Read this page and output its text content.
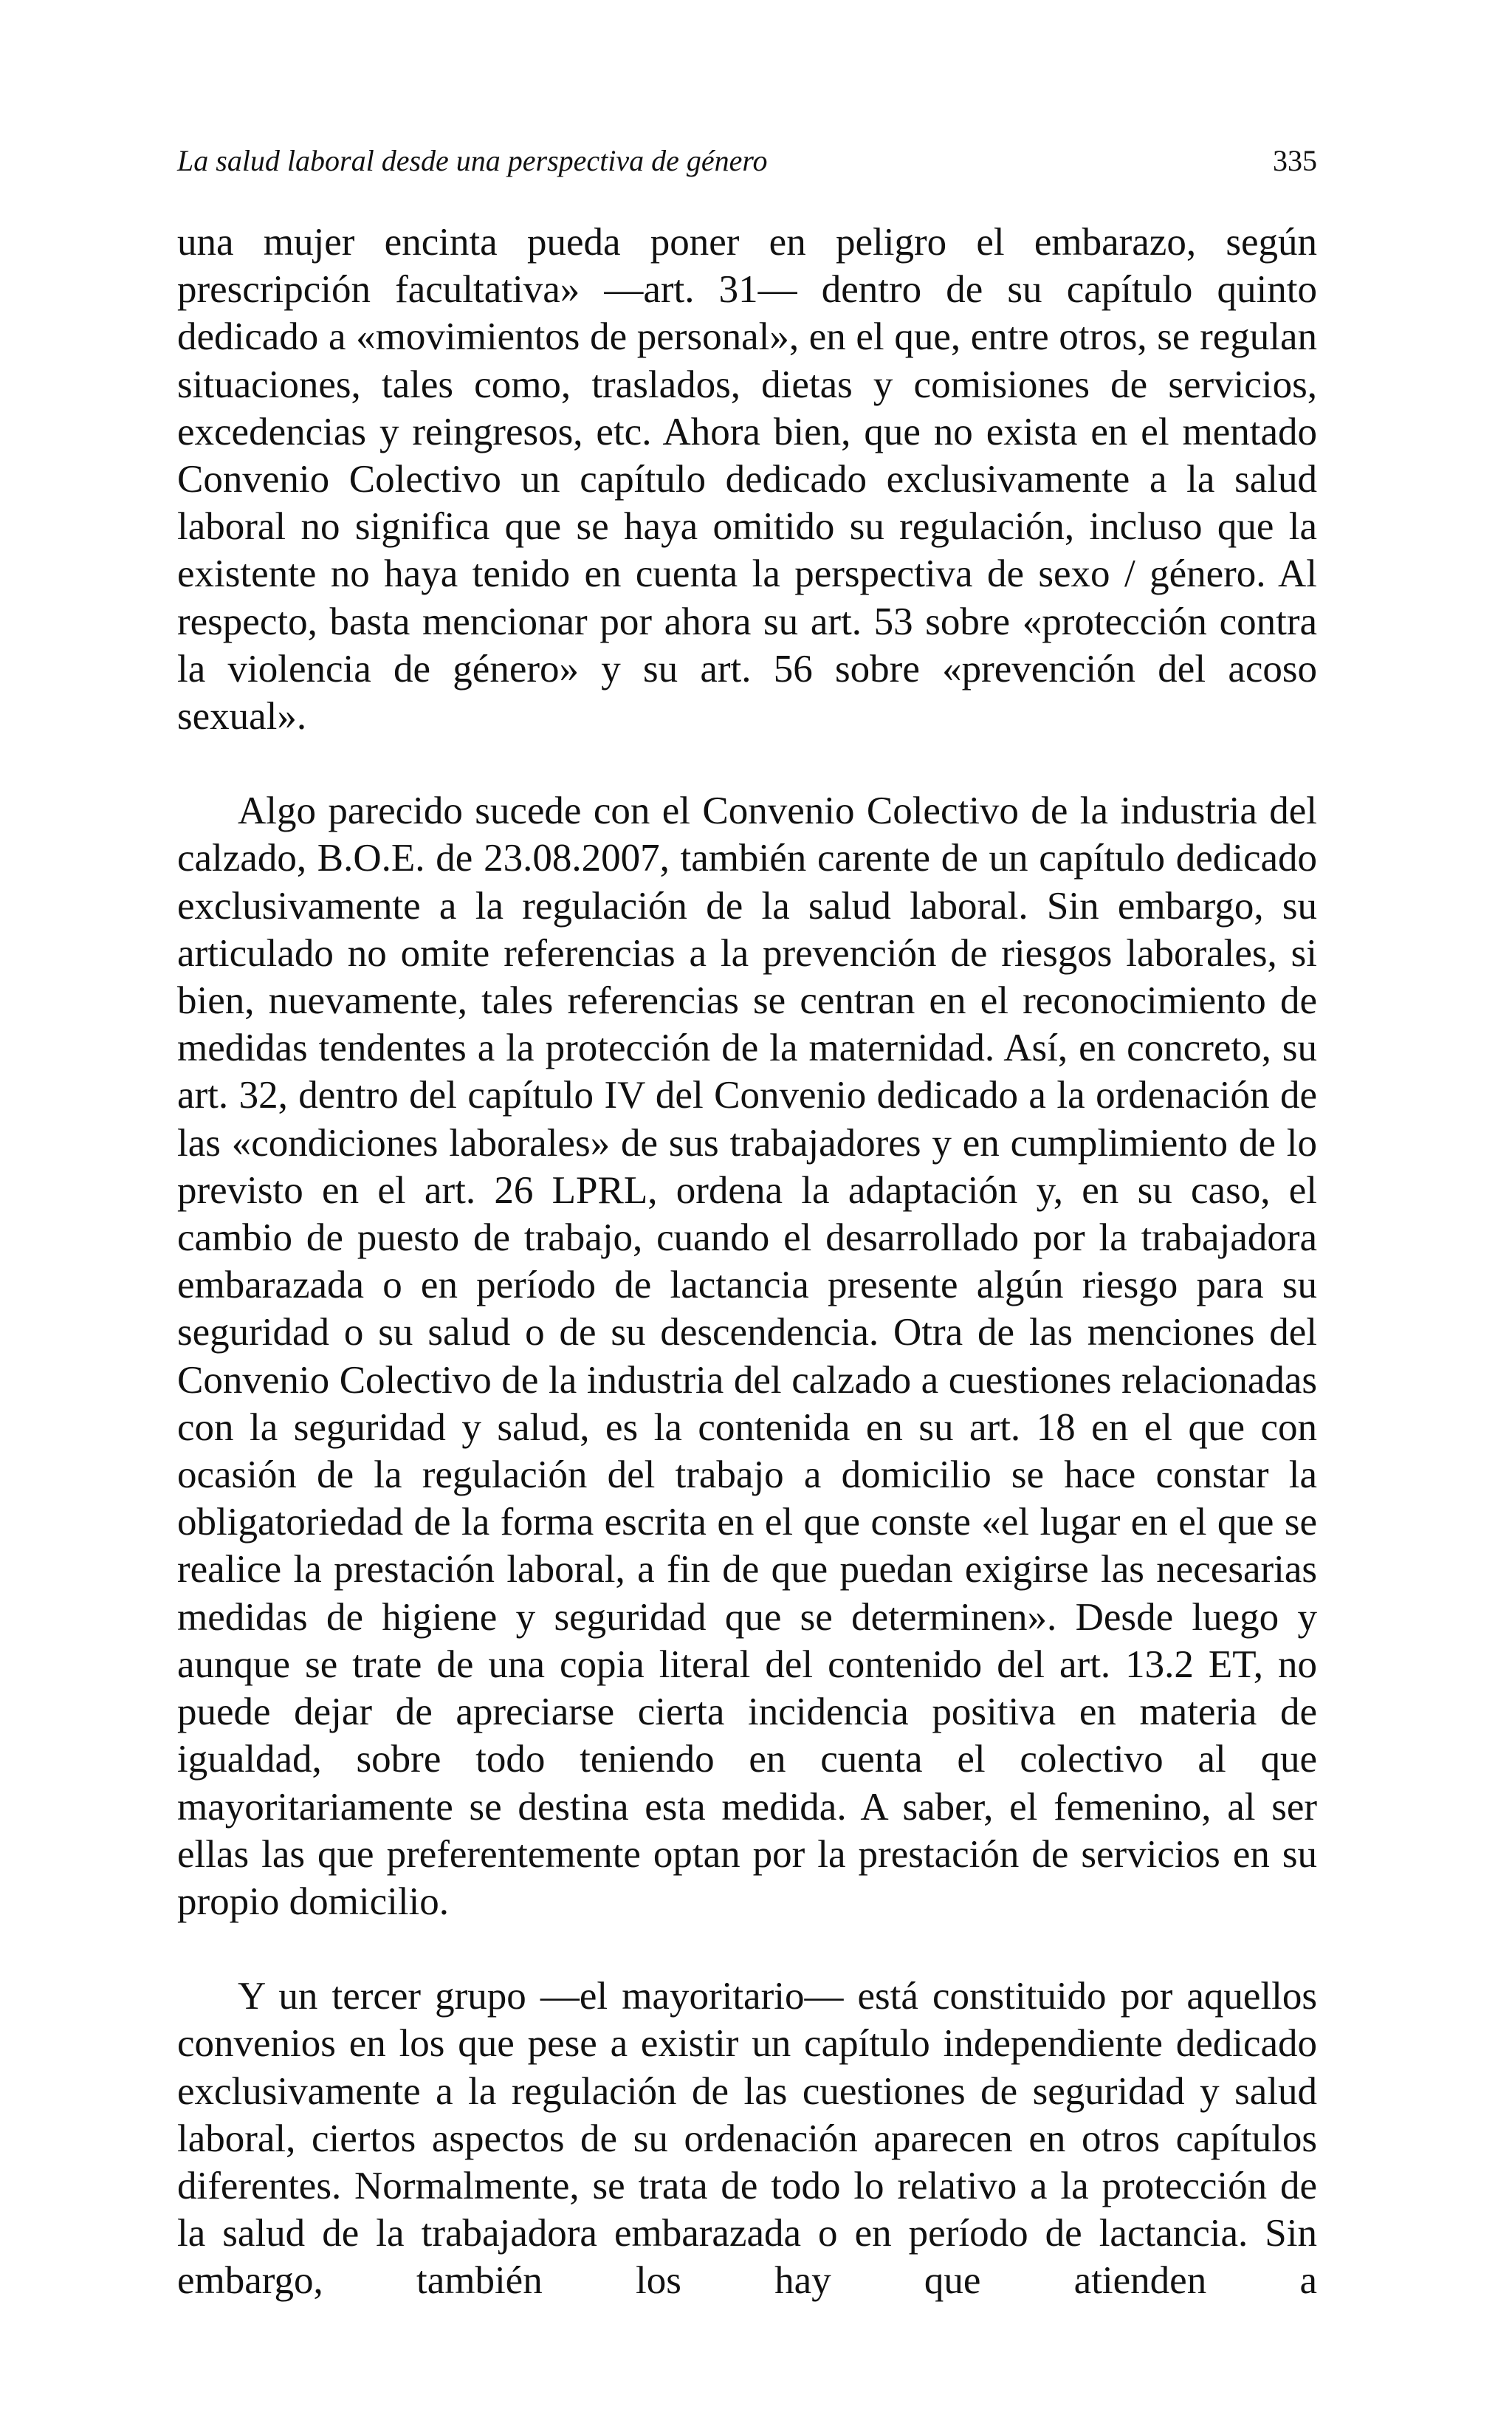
La salud laboral desde una perspectiva de género	335

una mujer encinta pueda poner en peligro el embarazo, según prescripción facultativa» —art. 31— dentro de su capítulo quinto dedicado a «movimientos de personal», en el que, entre otros, se regulan situaciones, tales como, traslados, dietas y comisiones de servicios, excedencias y reingresos, etc. Ahora bien, que no exista en el mentado Convenio Colectivo un capítulo dedicado exclusivamente a la salud laboral no significa que se haya omitido su regulación, incluso que la existente no haya tenido en cuenta la perspectiva de sexo / género. Al respecto, basta mencionar por ahora su art. 53 sobre «protección contra la violencia de género» y su art. 56 sobre «prevención del acoso sexual».

Algo parecido sucede con el Convenio Colectivo de la industria del calzado, B.O.E. de 23.08.2007, también carente de un capítulo dedicado exclusivamente a la regulación de la salud laboral. Sin embargo, su articulado no omite referencias a la prevención de riesgos laborales, si bien, nuevamente, tales referencias se centran en el reconocimiento de medidas tendentes a la protección de la maternidad. Así, en concreto, su art. 32, dentro del capítulo IV del Convenio dedicado a la ordenación de las «condiciones laborales» de sus trabajadores y en cumplimiento de lo previsto en el art. 26 LPRL, ordena la adaptación y, en su caso, el cambio de puesto de trabajo, cuando el desarrollado por la trabajadora embarazada o en período de lactancia presente algún riesgo para su seguridad o su salud o de su descendencia. Otra de las menciones del Convenio Colectivo de la industria del calzado a cuestiones relacionadas con la seguridad y salud, es la contenida en su art. 18 en el que con ocasión de la regulación del trabajo a domicilio se hace constar la obligatoriedad de la forma escrita en el que conste «el lugar en el que se realice la prestación laboral, a fin de que puedan exigirse las necesarias medidas de higiene y seguridad que se determinen». Desde luego y aunque se trate de una copia literal del contenido del art. 13.2 ET, no puede dejar de apreciarse cierta incidencia positiva en materia de igualdad, sobre todo teniendo en cuenta el colectivo al que mayoritariamente se destina esta medida. A saber, el femenino, al ser ellas las que preferentemente optan por la prestación de servicios en su propio domicilio.

Y un tercer grupo —el mayoritario— está constituido por aquellos convenios en los que pese a existir un capítulo independiente dedicado exclusivamente a la regulación de las cuestiones de seguridad y salud laboral, ciertos aspectos de su ordenación aparecen en otros capítulos diferentes. Normalmente, se trata de todo lo relativo a la protección de la salud de la trabajadora embarazada o en período de lactancia. Sin embargo, también los hay que atienden a
